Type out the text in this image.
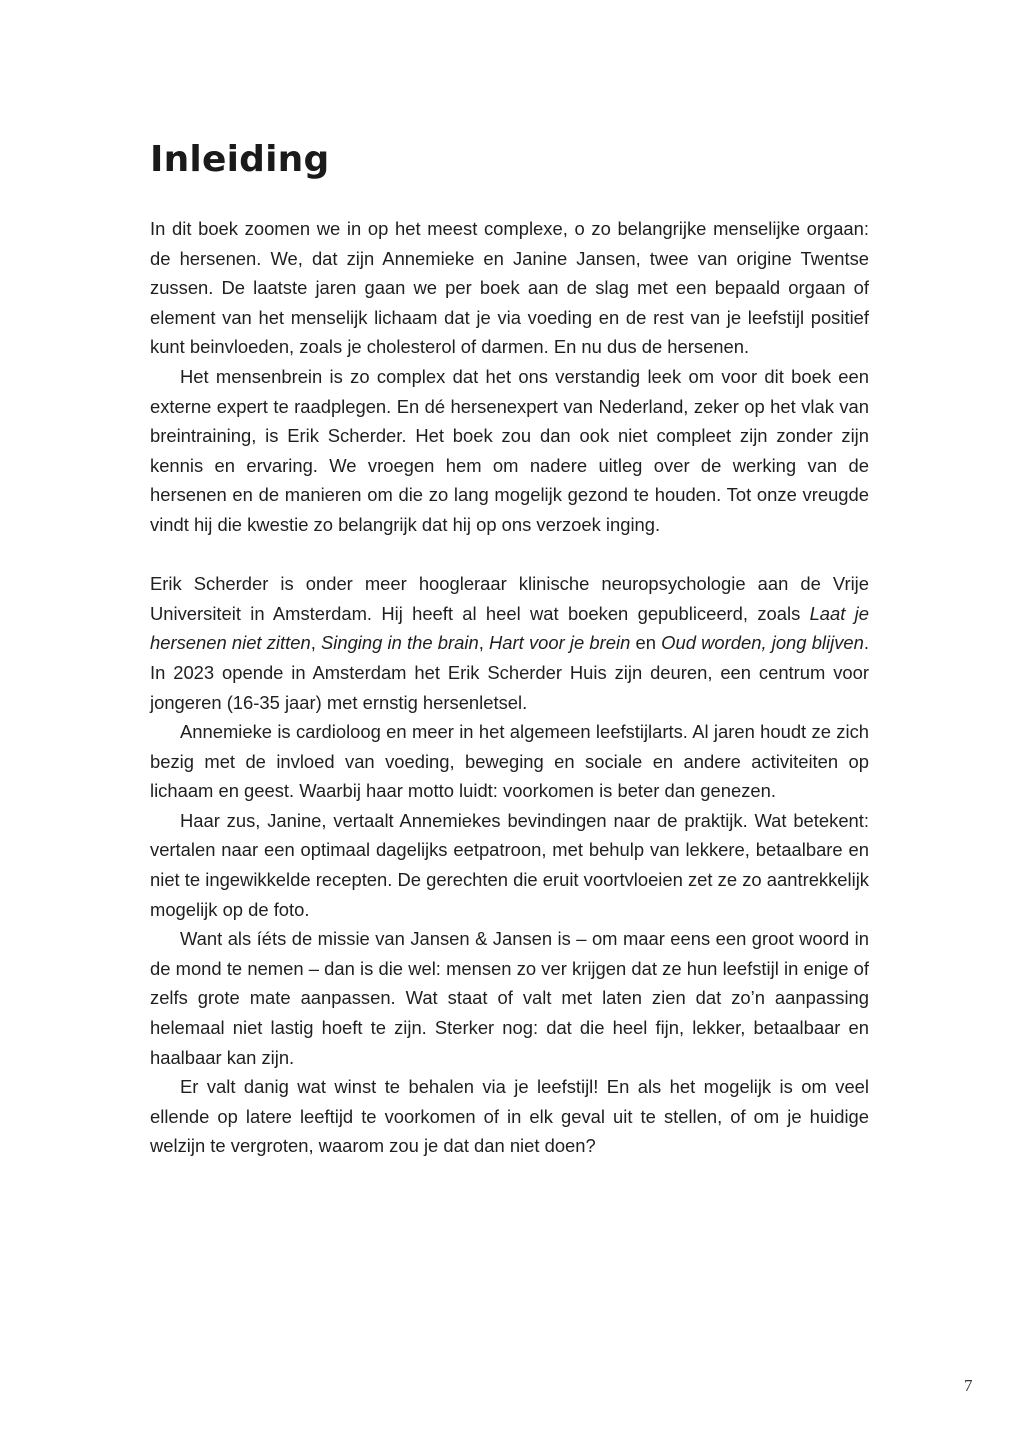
Inleiding

In dit boek zoomen we in op het meest complexe, o zo belangrijke menselijke orgaan: de hersenen. We, dat zijn Annemieke en Janine Jansen, twee van origine Twentse zussen. De laatste jaren gaan we per boek aan de slag met een bepaald orgaan of element van het menselijk lichaam dat je via voeding en de rest van je leefstijl positief kunt beinvloeden, zoals je cholesterol of darmen. En nu dus de hersenen.

Het mensenbrein is zo complex dat het ons verstandig leek om voor dit boek een externe expert te raadplegen. En dé hersenexpert van Nederland, zeker op het vlak van breintraining, is Erik Scherder. Het boek zou dan ook niet compleet zijn zonder zijn kennis en ervaring. We vroegen hem om nadere uitleg over de werking van de hersenen en de manieren om die zo lang mogelijk gezond te houden. Tot onze vreugde vindt hij die kwestie zo belangrijk dat hij op ons verzoek inging.

Erik Scherder is onder meer hoogleraar klinische neuropsychologie aan de Vrije Universiteit in Amsterdam. Hij heeft al heel wat boeken gepubliceerd, zoals Laat je hersenen niet zitten, Singing in the brain, Hart voor je brein en Oud worden, jong blijven. In 2023 opende in Amsterdam het Erik Scherder Huis zijn deuren, een centrum voor jongeren (16-35 jaar) met ernstig hersenletsel.

Annemieke is cardioloog en meer in het algemeen leefstijlarts. Al jaren houdt ze zich bezig met de invloed van voeding, beweging en sociale en andere activiteiten op lichaam en geest. Waarbij haar motto luidt: voorkomen is beter dan genezen.

Haar zus, Janine, vertaalt Annemiekes bevindingen naar de praktijk. Wat betekent: vertalen naar een optimaal dagelijks eetpatroon, met behulp van lekkere, betaalbare en niet te ingewikkelde recepten. De gerechten die eruit voortvloeien zet ze zo aantrekkelijk mogelijk op de foto.

Want als íéts de missie van Jansen & Jansen is – om maar eens een groot woord in de mond te nemen – dan is die wel: mensen zo ver krijgen dat ze hun leefstijl in enige of zelfs grote mate aanpassen. Wat staat of valt met laten zien dat zo’n aanpassing helemaal niet lastig hoeft te zijn. Sterker nog: dat die heel fijn, lekker, betaalbaar en haalbaar kan zijn.

Er valt danig wat winst te behalen via je leefstijl! En als het mogelijk is om veel ellende op latere leeftijd te voorkomen of in elk geval uit te stellen, of om je huidige welzijn te vergroten, waarom zou je dat dan niet doen?

7
